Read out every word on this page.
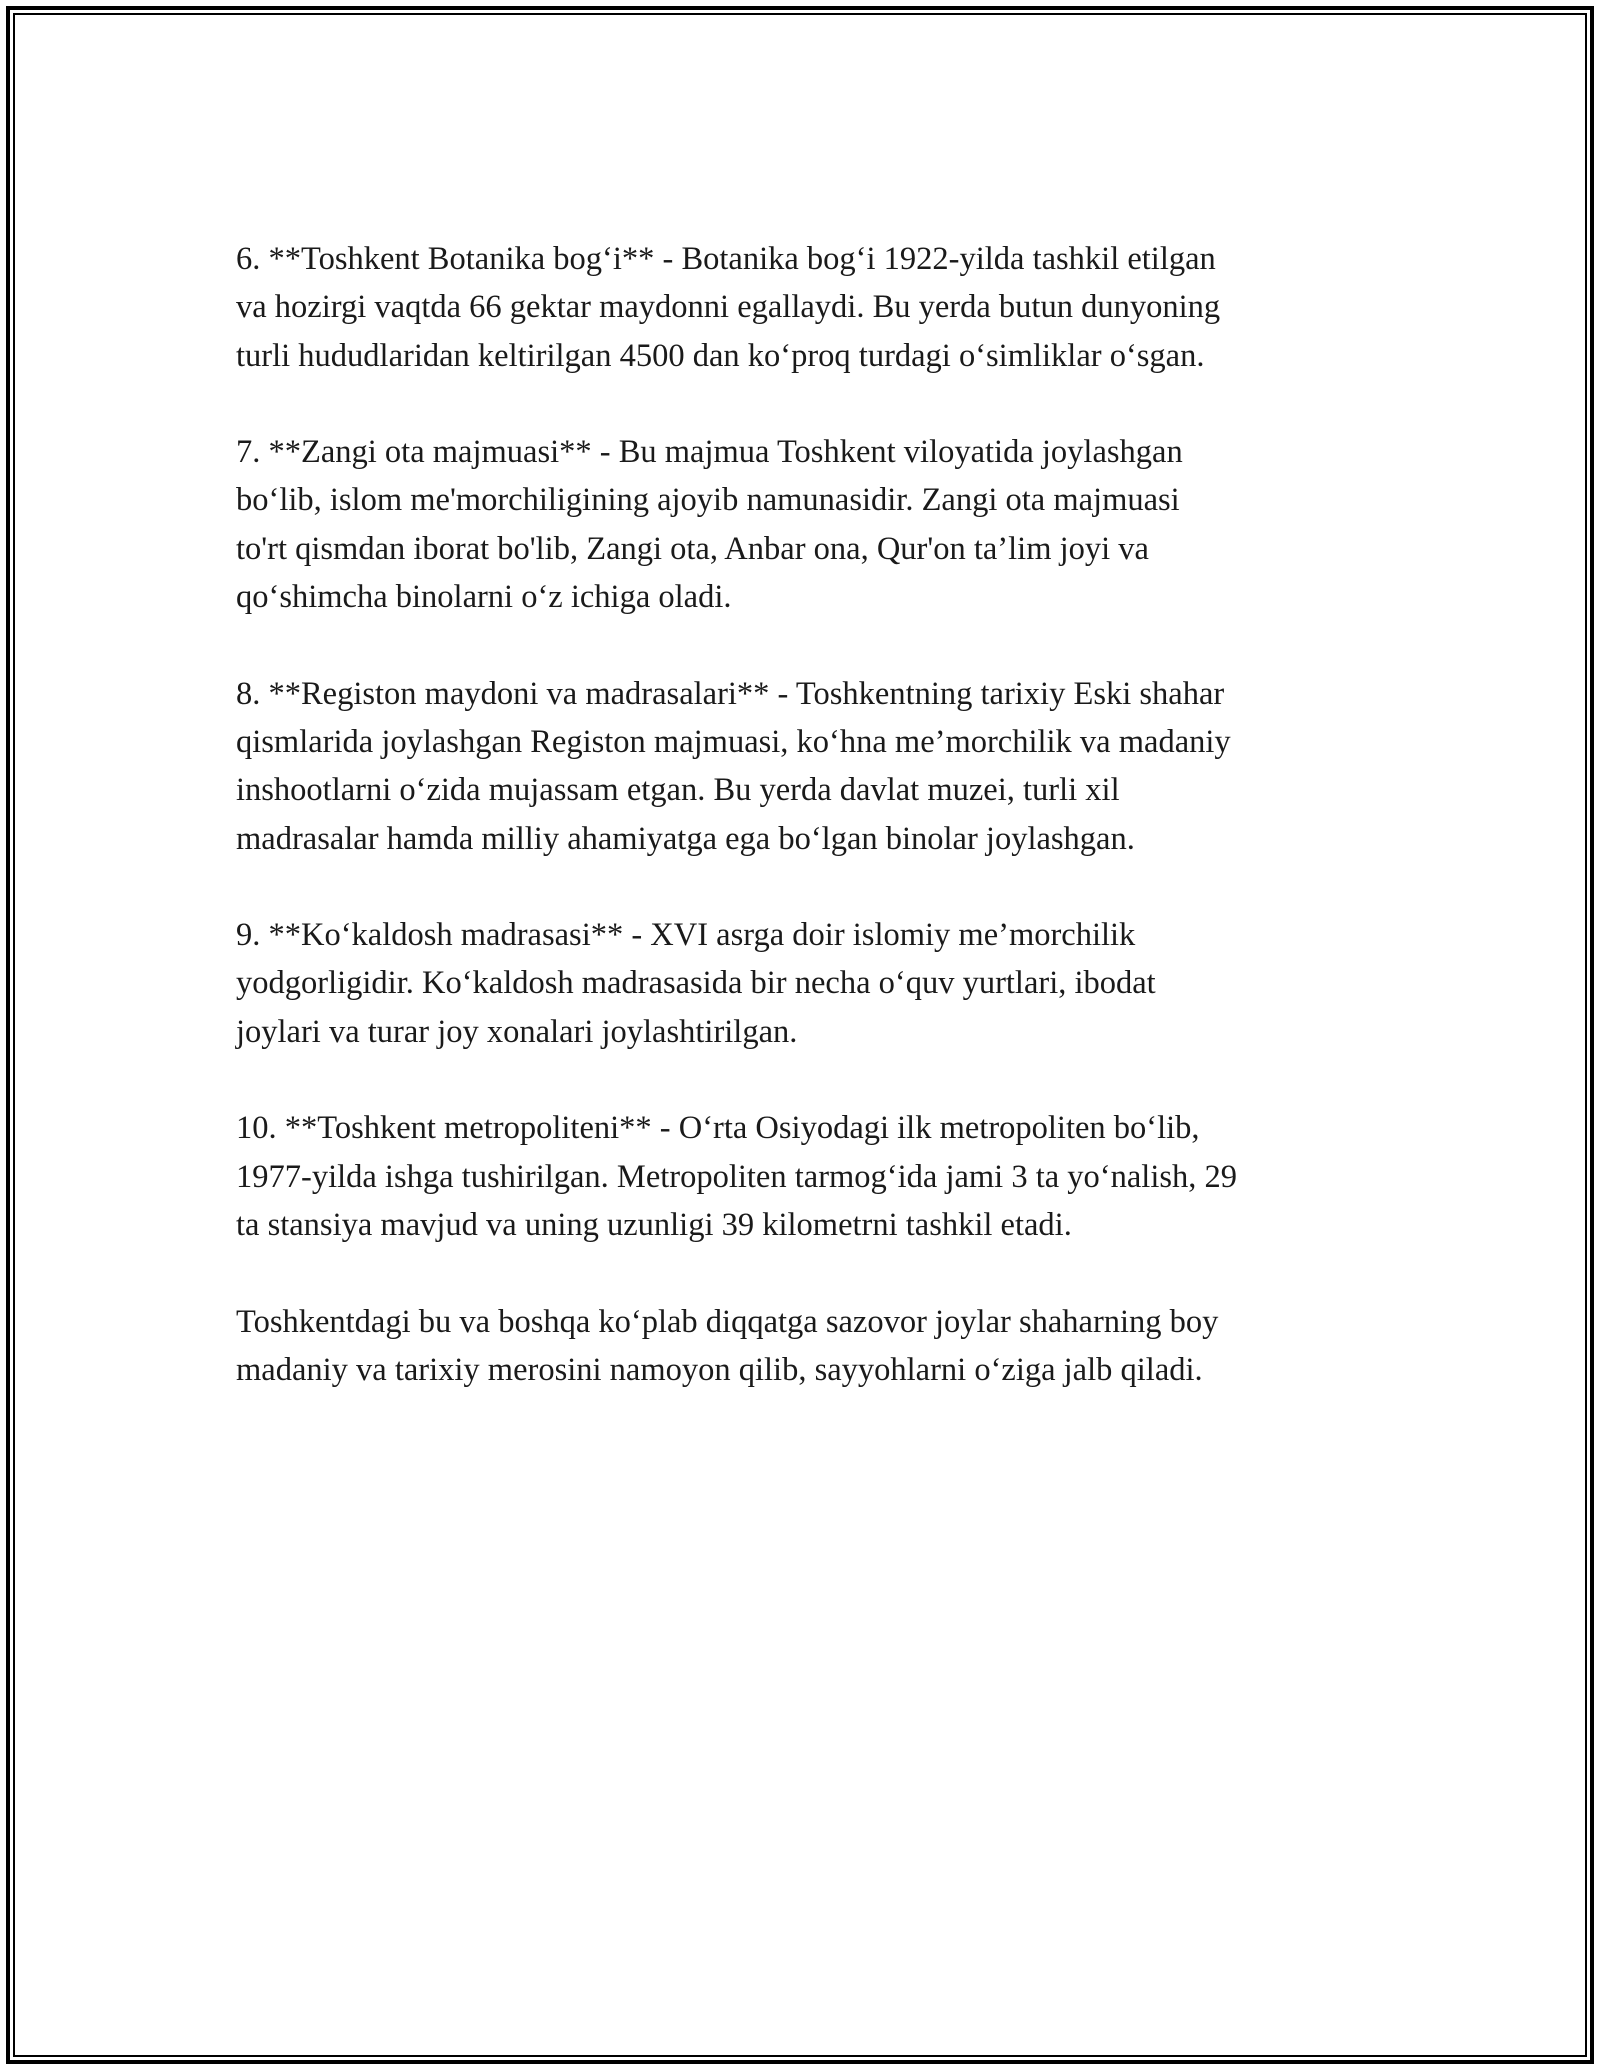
6. **Toshkent Botanika bog‘i** - Botanika bog‘i 1922-yilda tashkil etilgan
va hozirgi vaqtda 66 gektar maydonni egallaydi. Bu yerda butun dunyoning
turli hududlaridan keltirilgan 4500 dan ko‘proq turdagi o‘simliklar o‘sgan.

7. **Zangi ota majmuasi** - Bu majmua Toshkent viloyatida joylashgan
bo‘lib, islom me'morchiligining ajoyib namunasidir. Zangi ota majmuasi
to'rt qismdan iborat bo'lib, Zangi ota, Anbar ona, Qur'on ta’lim joyi va
qo‘shimcha binolarni o‘z ichiga oladi.

8. **Registon maydoni va madrasalari** - Toshkentning tarixiy Eski shahar
qismlarida joylashgan Registon majmuasi, ko‘hna me’morchilik va madaniy
inshootlarni o‘zida mujassam etgan. Bu yerda davlat muzei, turli xil
madrasalar hamda milliy ahamiyatga ega bo‘lgan binolar joylashgan.

9. **Ko‘kaldosh madrasasi** - XVI asrga doir islomiy me’morchilik
yodgorligidir. Ko‘kaldosh madrasasida bir necha o‘quv yurtlari, ibodat
joylari va turar joy xonalari joylashtirilgan.

10. **Toshkent metropoliteni** - O‘rta Osiyodagi ilk metropoliten bo‘lib,
1977-yilda ishga tushirilgan. Metropoliten tarmog‘ida jami 3 ta yo‘nalish, 29
ta stansiya mavjud va uning uzunligi 39 kilometrni tashkil etadi.

Toshkentdagi bu va boshqa ko‘plab diqqatga sazovor joylar shaharning boy
madaniy va tarixiy merosini namoyon qilib, sayyohlarni o‘ziga jalb qiladi.
